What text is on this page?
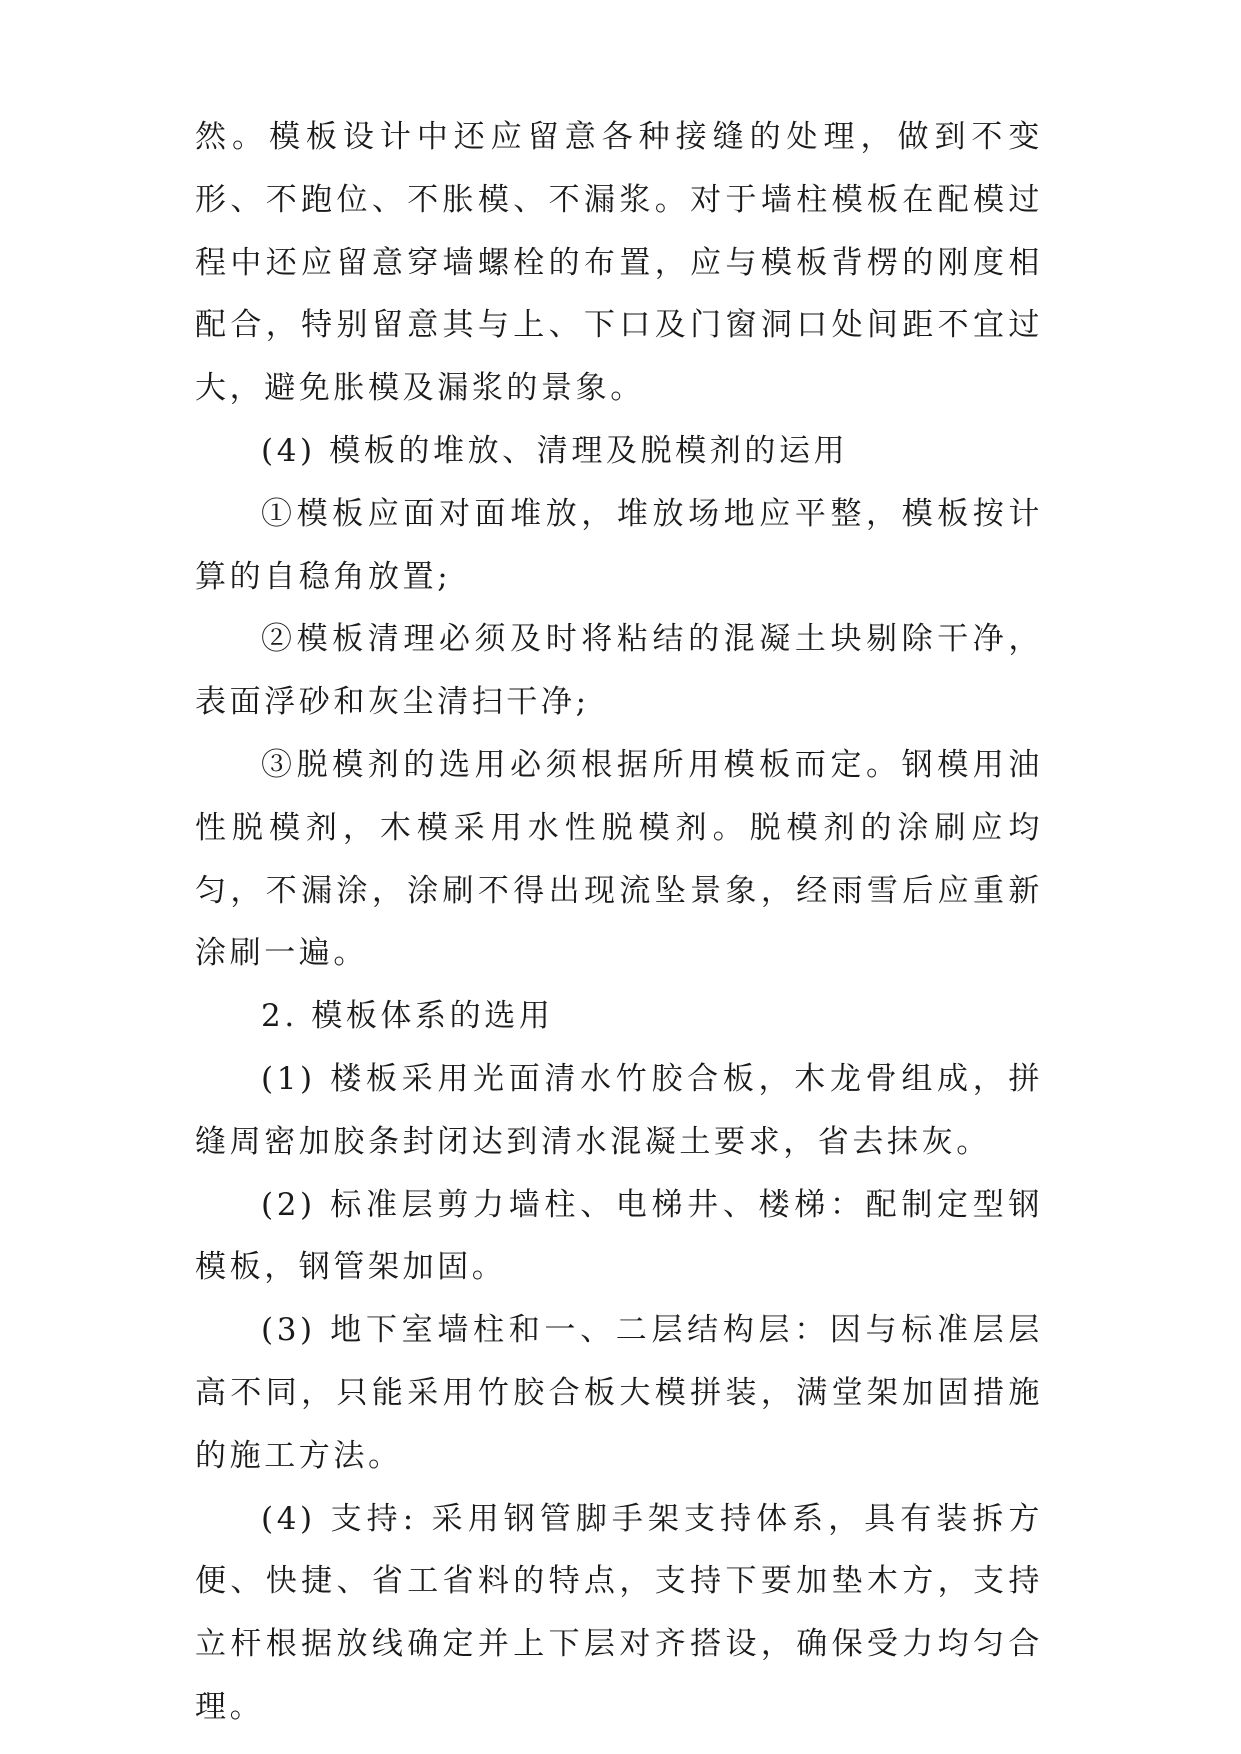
然。模板设计中还应留意各种接缝的处理，做到不变形、不跑位、不胀模、不漏浆。对于墙柱模板在配模过程中还应留意穿墙螺栓的布置，应与模板背楞的刚度相配合，特别留意其与上、下口及门窗洞口处间距不宜过大，避免胀模及漏浆的景象。

(4) 模板的堆放、清理及脱模剂的运用

①模板应面对面堆放，堆放场地应平整，模板按计算的自稳角放置;

②模板清理必须及时将粘结的混凝土块剔除干净，表面浮砂和灰尘清扫干净;

③脱模剂的选用必须根据所用模板而定。钢模用油性脱模剂，木模采用水性脱模剂。脱模剂的涂刷应均匀，不漏涂，涂刷不得出现流坠景象，经雨雪后应重新涂刷一遍。

2. 模板体系的选用

(1) 楼板采用光面清水竹胶合板，木龙骨组成，拼缝周密加胶条封闭达到清水混凝土要求，省去抹灰。

(2) 标准层剪力墙柱、电梯井、楼梯：配制定型钢模板，钢管架加固。

(3) 地下室墙柱和一、二层结构层：因与标准层层高不同，只能采用竹胶合板大模拼装，满堂架加固措施的施工方法。

(4) 支持: 采用钢管脚手架支持体系，具有装拆方便、快捷、省工省料的特点，支持下要加垫木方，支持立杆根据放线确定并上下层对齐搭设，确保受力均匀合理。
